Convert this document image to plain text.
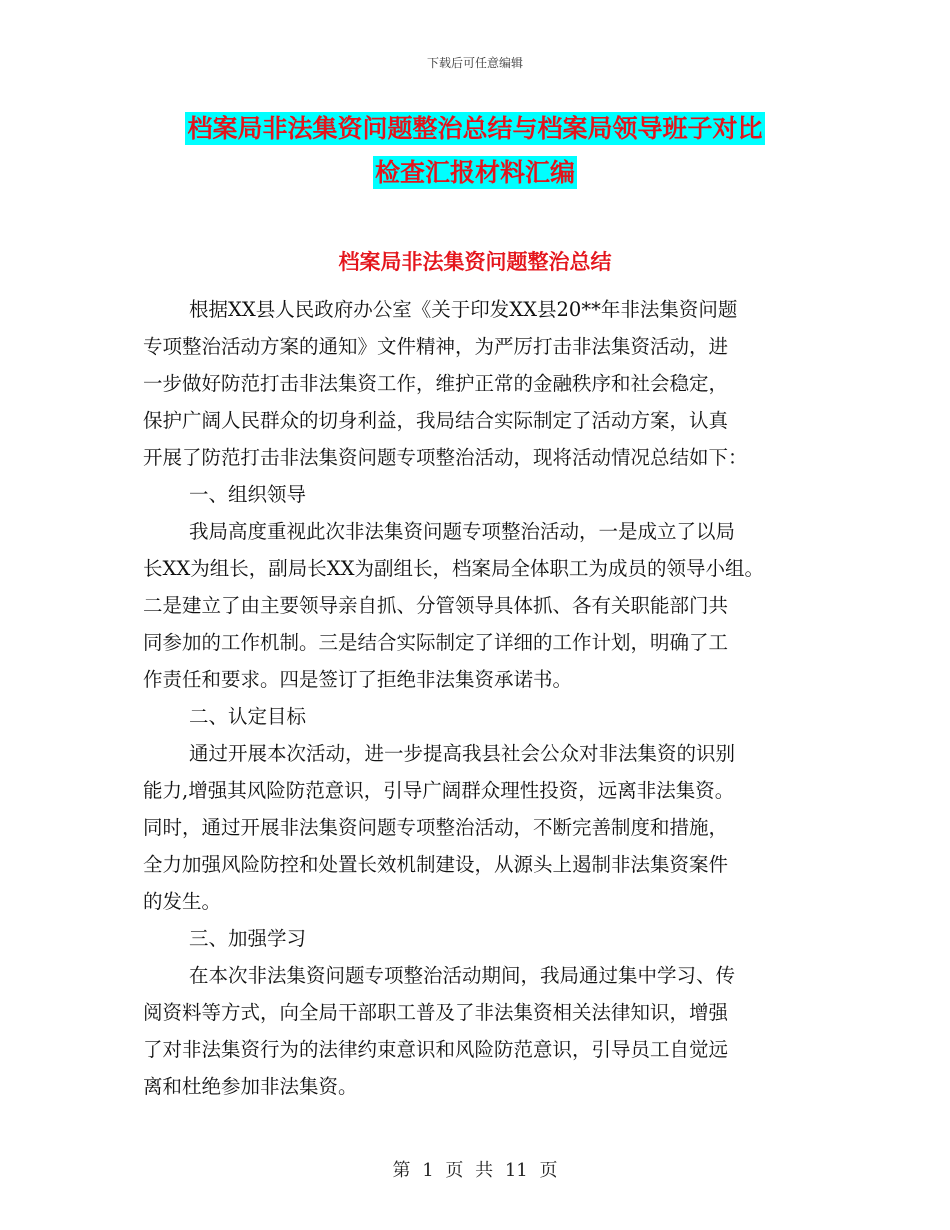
下载后可任意编辑
档案局非法集资问题整治总结与档案局领导班子对比
检查汇报材料汇编
档案局非法集资问题整治总结
根据XX县人民政府办公室《关于印发XX县20**年非法集资问题
专项整治活动方案的通知》文件精神，为严厉打击非法集资活动，进
一步做好防范打击非法集资工作，维护正常的金融秩序和社会稳定，
保护广阔人民群众的切身利益，我局结合实际制定了活动方案，认真
开展了防范打击非法集资问题专项整治活动，现将活动情况总结如下：
一、组织领导
我局高度重视此次非法集资问题专项整治活动，一是成立了以局
长XX为组长，副局长XX为副组长，档案局全体职工为成员的领导小组。
二是建立了由主要领导亲自抓、分管领导具体抓、各有关职能部门共
同参加的工作机制。三是结合实际制定了详细的工作计划，明确了工
作责任和要求。四是签订了拒绝非法集资承诺书。
二、认定目标
通过开展本次活动，进一步提高我县社会公众对非法集资的识别
能力,增强其风险防范意识，引导广阔群众理性投资，远离非法集资。
同时，通过开展非法集资问题专项整治活动，不断完善制度和措施，
全力加强风险防控和处置长效机制建设，从源头上遏制非法集资案件
的发生。
三、加强学习
在本次非法集资问题专项整治活动期间，我局通过集中学习、传
阅资料等方式，向全局干部职工普及了非法集资相关法律知识，增强
了对非法集资行为的法律约束意识和风险防范意识，引导员工自觉远
离和杜绝参加非法集资。
第 1 页 共 11 页
